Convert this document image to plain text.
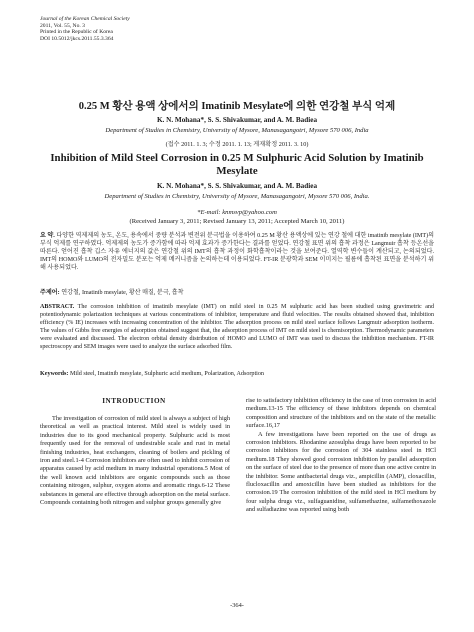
Journal of the Korean Chemical Society
2011, Vol. 55, No. 3
Printed in the Republic of Korea
DOI 10.5012/jkcs.2011.55.3.364
0.25 M 황산 용액 상에서의 Imatinib Mesylate에 의한 연강철 부식 억제
K. N. Mohana*, S. S. Shivakumar, and A. M. Badiea
Department of Studies in Chemistry, University of Mysore, Manasagangotri, Mysore 570 006, India
(접수 2011. 1. 3; 수정 2011. 1. 13; 게재확정 2011. 3. 10)
Inhibition of Mild Steel Corrosion in 0.25 M Sulphuric Acid Solution by Imatinib Mesylate
K. N. Mohana*, S. S. Shivakumar, and A. M. Badiea
Department of Studies in Chemistry, University of Mysore, Manasagangotri, Mysore 570 006, India.
*E-mail: knmsvp@yahoo.com
(Received January 3, 2011; Revised January 13, 2011; Accepted March 10, 2011)
요 약. 다양한 역제제의 농도, 온도, 용속에서 중량 분석과 변전위 분극법을 이용하여 0.25 M 황산 용액상에 있는 연강 철에 대한 imatinib mesylate (IMT)의 부식 억제를 연구하였다. 억제제의 농도가 증가함에 따라 억제 효과가 증가한다는 결과를 얻었다. 연강철 표면 위의 흡착 과정은 Langmuir 흡착 등온선을 따른다. 얻어진 흡착 깁스 자유 에너지의 값은 연강철 위의 IMT의 흡착 과정이 화학흡착이라는 것을 보여준다. 열역학 변수들이 계산되고, 논의되었다. IMT의 HOMO와 LUMO의 전자밀도 분포는 억제 메커니즘을 논의하는데 이용되었다. FT-IR 분광학과 SEM 이미지는 필름에 흡착된 표면을 분석하기 위해 사용되었다.
주제어: 연강철, Imatinib mesylate, 황산 매질, 분극, 흡착
ABSTRACT. The corrosion inhibition of imatinib mesylate (IMT) on mild steel in 0.25 M sulphuric acid has been studied using gravimetric and potentiodynamic polarization techniques at various concentrations of inhibitor, temperature and fluid velocities. The results obtained showed that, inhibition efficiency (% IE) increases with increasing concentration of the inhibitor. The adsorption process on mild steel surface follows Langmuir adsorption isotherm. The values of Gibbs free energies of adsorption obtained suggest that, the adsorption process of IMT on mild steel is chemisorption. Thermodynamic parameters were evaluated and discussed. The electron orbital density distribution of HOMO and LUMO of IMT was used to discuss the inhibition mechanism. FT-IR spectroscopy and SEM images were used to analyze the surface adsorbed film.
Keywords: Mild steel, Imatinib mesylate, Sulphuric acid medium, Polarization, Adsorption
INTRODUCTION

The investigation of corrosion of mild steel is always a subject of high theoretical as well as practical interest. Mild steel is widely used in industries due to its good mechanical property. Sulphuric acid is most frequently used for the removal of undesirable scale and rust in metal finishing industries, heat exchangers, cleaning of boilers and pickling of iron and steel.1-4 Corrosion inhibitors are often used to inhibit corrosion of apparatus caused by acid medium in many industrial operations.5 Most of the well known acid inhibitors are organic compounds such as those containing nitrogen, sulphur, oxygen atoms and aromatic rings.6-12 These substances in general are effective through adsorption on the metal surface. Compounds containing both nitrogen and sulphur groups generally give

rise to satisfactory inhibition efficiency in the case of iron corrosion in acid medium.13-15 The efficiency of these inhibitors depends on chemical composition and structure of the inhibitors and on the state of the metallic surface.16,17

A few investigations have been reported on the use of drugs as corrosion inhibitors. Rhodanine azosulpha drugs have been reported to be corrosion inhibitors for the corrosion of 304 stainless steel in HCl medium.18 They showed good corrosion inhibition by parallel adsorption on the surface of steel due to the presence of more than one active centre in the inhibitor. Some antibacterial drugs viz., ampicillin (AMP), cloxacillin, flucloxacillin and amoxicillin have been studied as inhibitors for the corrosion.19 The corrosion inhibition of the mild steel in HCl medium by four sulpha drugs viz., sulfaguanidine, sulfamethazine, sulfamethoxazole and sulfadiazine was reported using both

-364-
